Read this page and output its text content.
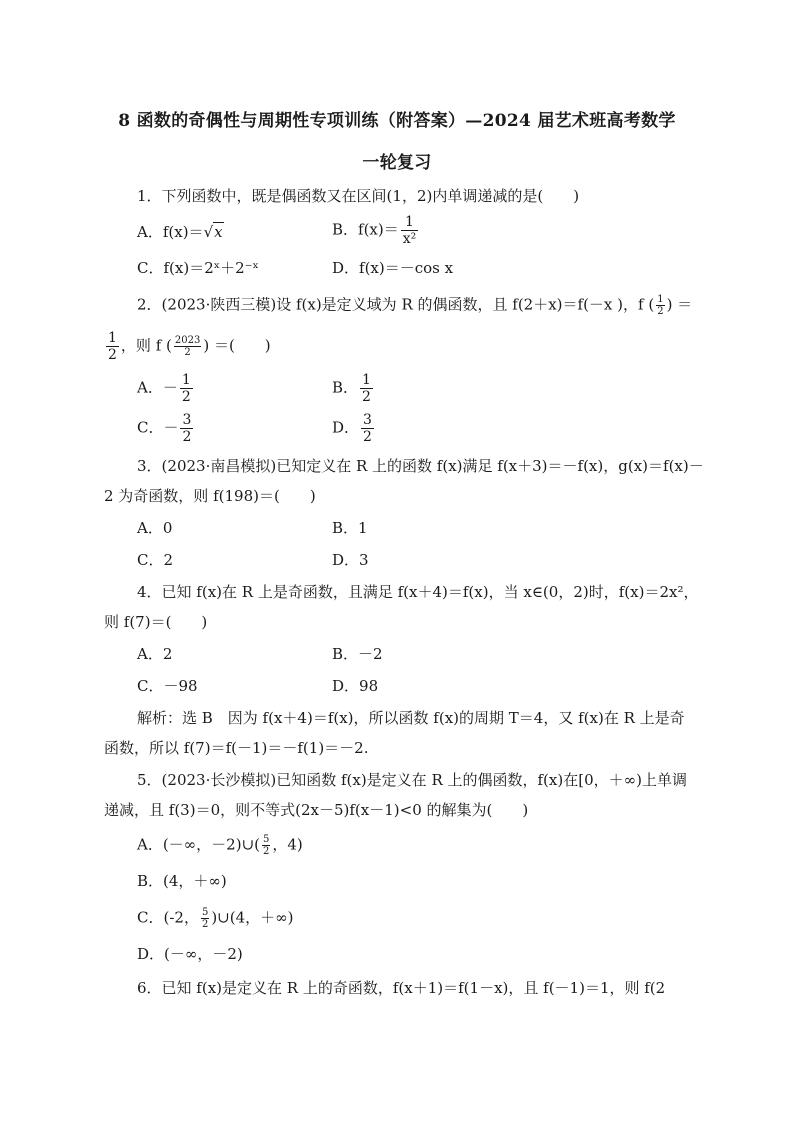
8 函数的奇偶性与周期性专项训练（附答案）—2024 届艺术班高考数学
一轮复习
1．下列函数中，既是偶函数又在区间(1，2)内单调递减的是(　　)
A．f(x)＝√x	B．$f(x)= \frac{1}{\text{x²}}$
C．f(x)＝2ˣ＋2⁻ˣ	D．f(x)＝－cos x
2．(2023·陕西三模)设 f(x)是定义域为 R 的偶函数，且 f(2＋x)＝f(－x )，f ( $\frac{1}{2}$ ) ＝
$\frac{1}{2}$ ，则 f ( $\frac{2023}{2}$ ) ＝(　　)
A．－ $\frac{1}{2}$	B． $\frac{1}{2}$
C．－ $\frac{3}{2}$	D． $\frac{3}{2}$
3．(2023·南昌模拟)已知定义在 R 上的函数 f(x)满足 f(x＋3)＝－f(x)，g(x)＝f(x)－
2 为奇函数，则 f(198)＝(　　)
A．0	B．1
C．2	D．3
4．已知 f(x)在 R 上是奇函数，且满足 f(x＋4)＝f(x)，当 x∈(0，2)时，f(x)＝2x²，
则 f(7)＝(　　)
A．2	B．－2
C．－98	D．98
解析：选 B　因为 f(x＋4)＝f(x)，所以函数 f(x)的周期 T＝4，又 f(x)在 R 上是奇
函数，所以 f(7)＝f(－1)＝－f(1)＝－2.
5．(2023·长沙模拟)已知函数 f(x)是定义在 R 上的偶函数，f(x)在[0，＋∞)上单调
递减，且 f(3)＝0，则不等式(2x－5)f(x－1)<0 的解集为(　　)
A．(－∞，－2)∪( $\frac{5}{2}$ ，4)
B．(4，＋∞)
C．(-2， $\frac{5}{2}$ )∪(4，＋∞)
D．(－∞，－2)
6．已知 f(x)是定义在 R 上的奇函数，f(x＋1)＝f(1－x)，且 f(－1)＝1，则 f(2
